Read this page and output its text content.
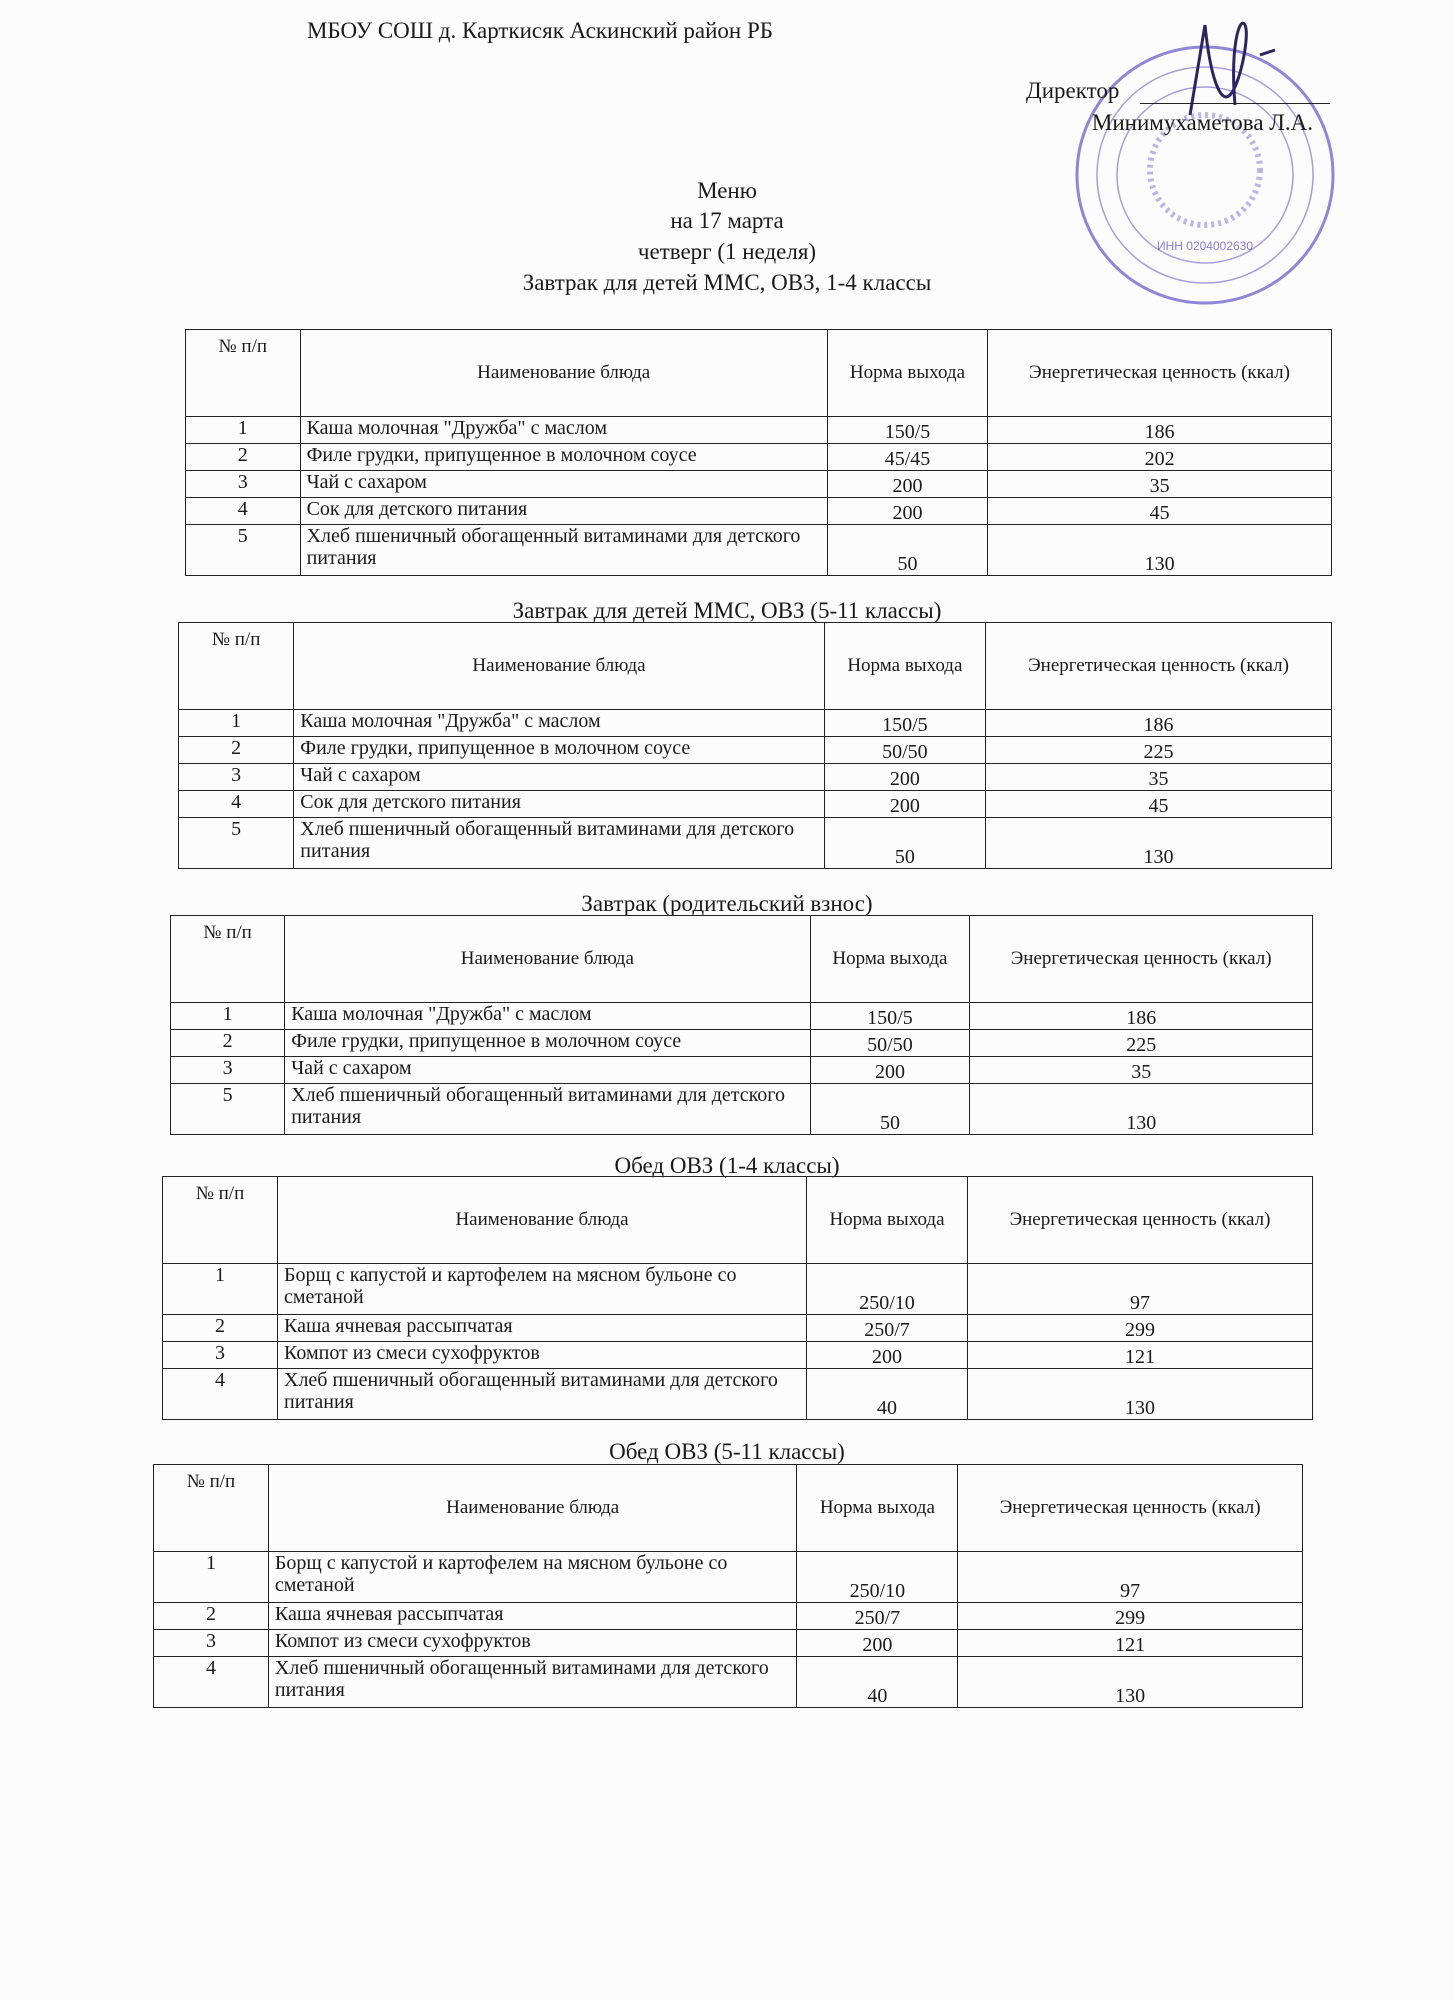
МБОУ СОШ д. Карткисяк Аскинский район РБ
ИНН 0204002630
Директор
Минимухаметова Л.А.
Меню
на 17 марта
четверг (1 неделя)
Завтрак для детей ММС, ОВЗ, 1-4 классы
№ п/п	Наименование блюда	Норма выхода	Энергетическая ценность (ккал)
1	Каша молочная "Дружба" с маслом	150/5	186
2	Филе грудки, припущенное в молочном соусе	45/45	202
3	Чай с сахаром	200	35
4	Сок для детского питания	200	45
5	Хлеб пшеничный обогащенный витаминами для детского питания	50	130
Завтрак для детей ММС, ОВЗ (5-11 классы)
№ п/п	Наименование блюда	Норма выхода	Энергетическая ценность (ккал)
1	Каша молочная "Дружба" с маслом	150/5	186
2	Филе грудки, припущенное в молочном соусе	50/50	225
3	Чай с сахаром	200	35
4	Сок для детского питания	200	45
5	Хлеб пшеничный обогащенный витаминами для детского питания	50	130
Завтрак (родительский взнос)
№ п/п	Наименование блюда	Норма выхода	Энергетическая ценность (ккал)
1	Каша молочная "Дружба" с маслом	150/5	186
2	Филе грудки, припущенное в молочном соусе	50/50	225
3	Чай с сахаром	200	35
5	Хлеб пшеничный обогащенный витаминами для детского питания	50	130
Обед ОВЗ (1-4 классы)
№ п/п	Наименование блюда	Норма выхода	Энергетическая ценность (ккал)
1	Борщ с капустой и картофелем на мясном бульоне со сметаной	250/10	97
2	Каша ячневая рассыпчатая	250/7	299
3	Компот из смеси сухофруктов	200	121
4	Хлеб пшеничный обогащенный витаминами для детского питания	40	130
Обед ОВЗ (5-11 классы)
№ п/п	Наименование блюда	Норма выхода	Энергетическая ценность (ккал)
1	Борщ с капустой и картофелем на мясном бульоне со сметаной	250/10	97
2	Каша ячневая рассыпчатая	250/7	299
3	Компот из смеси сухофруктов	200	121
4	Хлеб пшеничный обогащенный витаминами для детского питания	40	130
